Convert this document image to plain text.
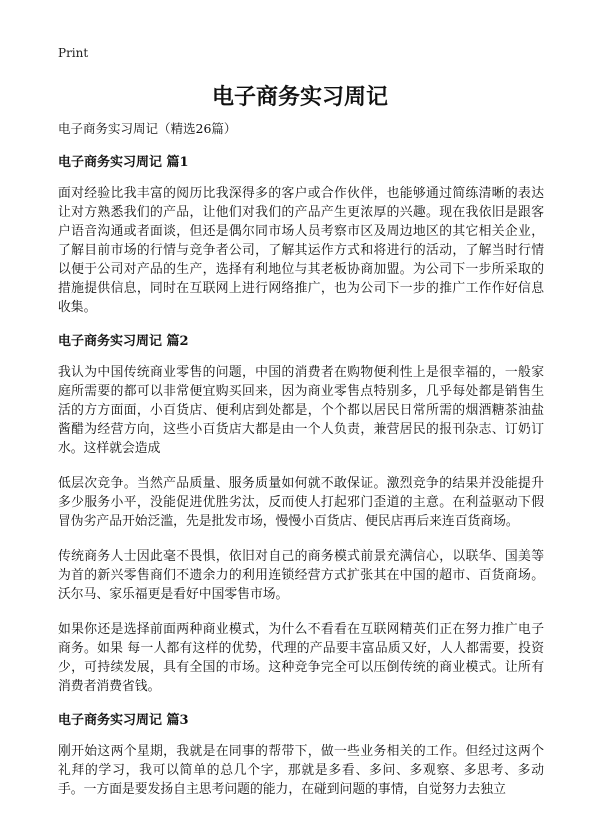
Print
电子商务实习周记

电子商务实习周记（精选26篇）

电子商务实习周记 篇1

面对经验比我丰富的阅历比我深得多的客户或合作伙伴，也能够通过简练清晰的表达让对方熟悉我们的产品，让他们对我们的产品产生更浓厚的兴趣。现在我依旧是跟客户语音沟通或者面谈，但还是偶尔同市场人员考察市区及周边地区的其它相关企业，了解目前市场的行情与竞争者公司，了解其运作方式和将进行的活动，了解当时行情以便于公司对产品的生产，选择有利地位与其老板协商加盟。为公司下一步所采取的措施提供信息，同时在互联网上进行网络推广，也为公司下一步的推广工作作好信息收集。

电子商务实习周记 篇2

我认为中国传统商业零售的问题，中国的消费者在购物便利性上是很幸福的，一般家庭所需要的都可以非常便宜购买回来，因为商业零售点特别多，几乎每处都是销售生活的方方面面，小百货店、便利店到处都是，个个都以居民日常所需的烟酒糖茶油盐酱醋为经营方向，这些小百货店大都是由一个人负责，兼营居民的报刊杂志、订奶订水。这样就会造成

低层次竞争。当然产品质量、服务质量如何就不敢保证。激烈竞争的结果并没能提升多少服务小平，没能促进优胜劣汰，反而使人打起邪门歪道的主意。在利益驱动下假冒伪劣产品开始泛滥，先是批发市场，慢慢小百货店、便民店再后来连百货商场。

传统商务人士因此毫不畏惧，依旧对自己的商务模式前景充满信心，以联华、国美等为首的新兴零售商们不遗余力的利用连锁经营方式扩张其在中国的超市、百货商场。沃尔马、家乐福更是看好中国零售市场。

如果你还是选择前面两种商业模式，为什么不看看在互联网精英们正在努力推广电子商务。如果 每一人都有这样的优势，代理的产品要丰富品质又好，人人都需要，投资少，可持续发展，具有全国的市场。这种竞争完全可以压倒传统的商业模式。让所有消费者消费省钱。

电子商务实习周记 篇3

刚开始这两个星期，我就是在同事的帮带下，做一些业务相关的工作。但经过这两个礼拜的学习，我可以简单的总几个字，那就是多看、多问、多观察、多思考、多动手。一方面是要发扬自主思考问题的能力，在碰到问题的事情，自觉努力去独立
